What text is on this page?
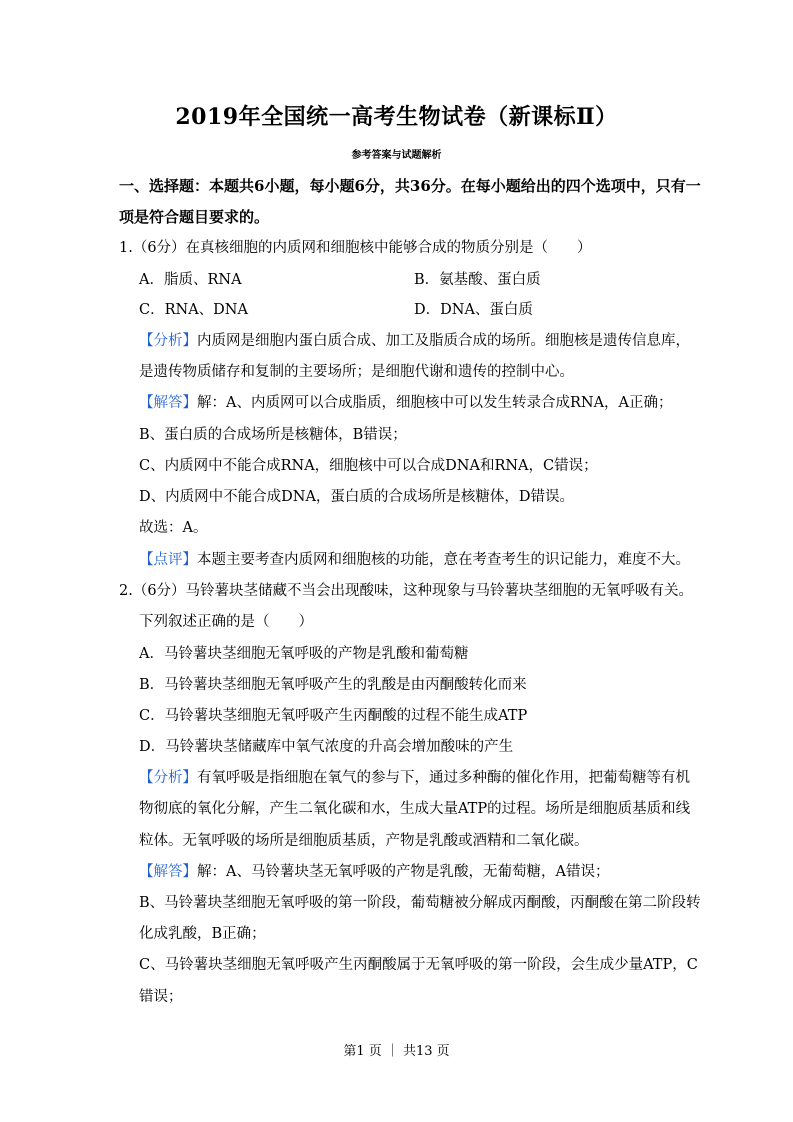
2019年全国统一高考生物试卷（新课标Ⅱ）
参考答案与试题解析
一、选择题：本题共6小题，每小题6分，共36分。在每小题给出的四个选项中，只有一
项是符合题目要求的。
1.（6分）在真核细胞的内质网和细胞核中能够合成的物质分别是（　　）
A．脂质、RNA	B．氨基酸、蛋白质
C．RNA、DNA	D．DNA、蛋白质
【分析】内质网是细胞内蛋白质合成、加工及脂质合成的场所。细胞核是遗传信息库，
是遗传物质储存和复制的主要场所；是细胞代谢和遗传的控制中心。
【解答】解：A、内质网可以合成脂质，细胞核中可以发生转录合成RNA，A正确；
B、蛋白质的合成场所是核糖体，B错误；
C、内质网中不能合成RNA，细胞核中可以合成DNA和RNA，C错误；
D、内质网中不能合成DNA，蛋白质的合成场所是核糖体，D错误。
故选：A。
【点评】本题主要考查内质网和细胞核的功能，意在考查考生的识记能力，难度不大。
2.（6分）马铃薯块茎储藏不当会出现酸味，这种现象与马铃薯块茎细胞的无氧呼吸有关。
下列叙述正确的是（　　）
A．马铃薯块茎细胞无氧呼吸的产物是乳酸和葡萄糖
B．马铃薯块茎细胞无氧呼吸产生的乳酸是由丙酮酸转化而来
C．马铃薯块茎细胞无氧呼吸产生丙酮酸的过程不能生成ATP
D．马铃薯块茎储藏库中氧气浓度的升高会增加酸味的产生
【分析】有氧呼吸是指细胞在氧气的参与下，通过多种酶的催化作用，把葡萄糖等有机
物彻底的氧化分解，产生二氧化碳和水，生成大量ATP的过程。场所是细胞质基质和线
粒体。无氧呼吸的场所是细胞质基质，产物是乳酸或酒精和二氧化碳。
【解答】解：A、马铃薯块茎无氧呼吸的产物是乳酸，无葡萄糖，A错误；
B、马铃薯块茎细胞无氧呼吸的第一阶段，葡萄糖被分解成丙酮酸，丙酮酸在第二阶段转
化成乳酸，B正确；
C、马铃薯块茎细胞无氧呼吸产生丙酮酸属于无氧呼吸的第一阶段，会生成少量ATP，C
错误；
第1 页 ｜ 共13 页
